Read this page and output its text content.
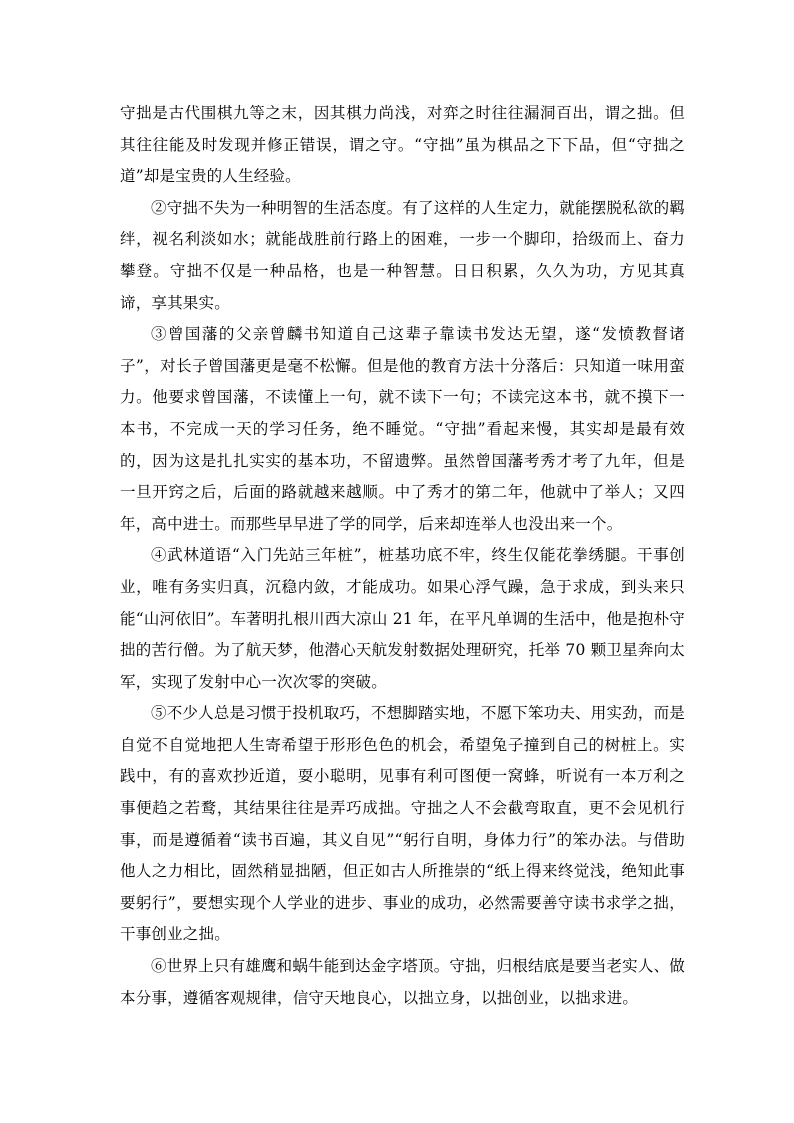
守拙是古代围棋九等之末，因其棋力尚浅，对弈之时往往漏洞百出，谓之拙。但其往往能及时发现并修正错误，谓之守。“守拙”虽为棋品之下下品，但“守拙之道”却是宝贵的人生经验。

②守拙不失为一种明智的生活态度。有了这样的人生定力，就能摆脱私欲的羁绊，视名利淡如水；就能战胜前行路上的困难，一步一个脚印，拾级而上、奋力攀登。守拙不仅是一种品格，也是一种智慧。日日积累，久久为功，方见其真谛，享其果实。

③曾国藩的父亲曾麟书知道自己这辈子靠读书发达无望，遂“发愤教督诸子”，对长子曾国藩更是毫不松懈。但是他的教育方法十分落后：只知道一味用蛮力。他要求曾国藩，不读懂上一句，就不读下一句；不读完这本书，就不摸下一本书，不完成一天的学习任务，绝不睡觉。“守拙”看起来慢，其实却是最有效的，因为这是扎扎实实的基本功，不留遗弊。虽然曾国藩考秀才考了九年，但是一旦开窍之后，后面的路就越来越顺。中了秀才的第二年，他就中了举人；又四年，高中进士。而那些早早进了学的同学，后来却连举人也没出来一个。

④武林道语“入门先站三年桩”，桩基功底不牢，终生仅能花拳绣腿。干事创业，唯有务实归真，沉稳内敛，才能成功。如果心浮气躁，急于求成，到头来只能“山河依旧”。车著明扎根川西大凉山 21 年，在平凡单调的生活中，他是抱朴守拙的苦行僧。为了航天梦，他潜心天航发射数据处理研究，托举 70 颗卫星奔向太军，实现了发射中心一次次零的突破。

⑤不少人总是习惯于投机取巧，不想脚踏实地，不愿下笨功夫、用实劲，而是自觉不自觉地把人生寄希望于形形色色的机会，希望兔子撞到自己的树桩上。实践中，有的喜欢抄近道，耍小聪明，见事有利可图便一窝蜂，听说有一本万利之事便趋之若鹜，其结果往往是弄巧成拙。守拙之人不会截弯取直，更不会见机行事，而是遵循着“读书百遍，其义自见”“躬行自明，身体力行”的笨办法。与借助他人之力相比，固然稍显拙陋，但正如古人所推崇的“纸上得来终觉浅，绝知此事要躬行”，要想实现个人学业的进步、事业的成功，必然需要善守读书求学之拙，干事创业之拙。

⑥世界上只有雄鹰和蜗牛能到达金字塔顶。守拙，归根结底是要当老实人、做本分事，遵循客观规律，信守天地良心，以拙立身，以拙创业，以拙求进。
